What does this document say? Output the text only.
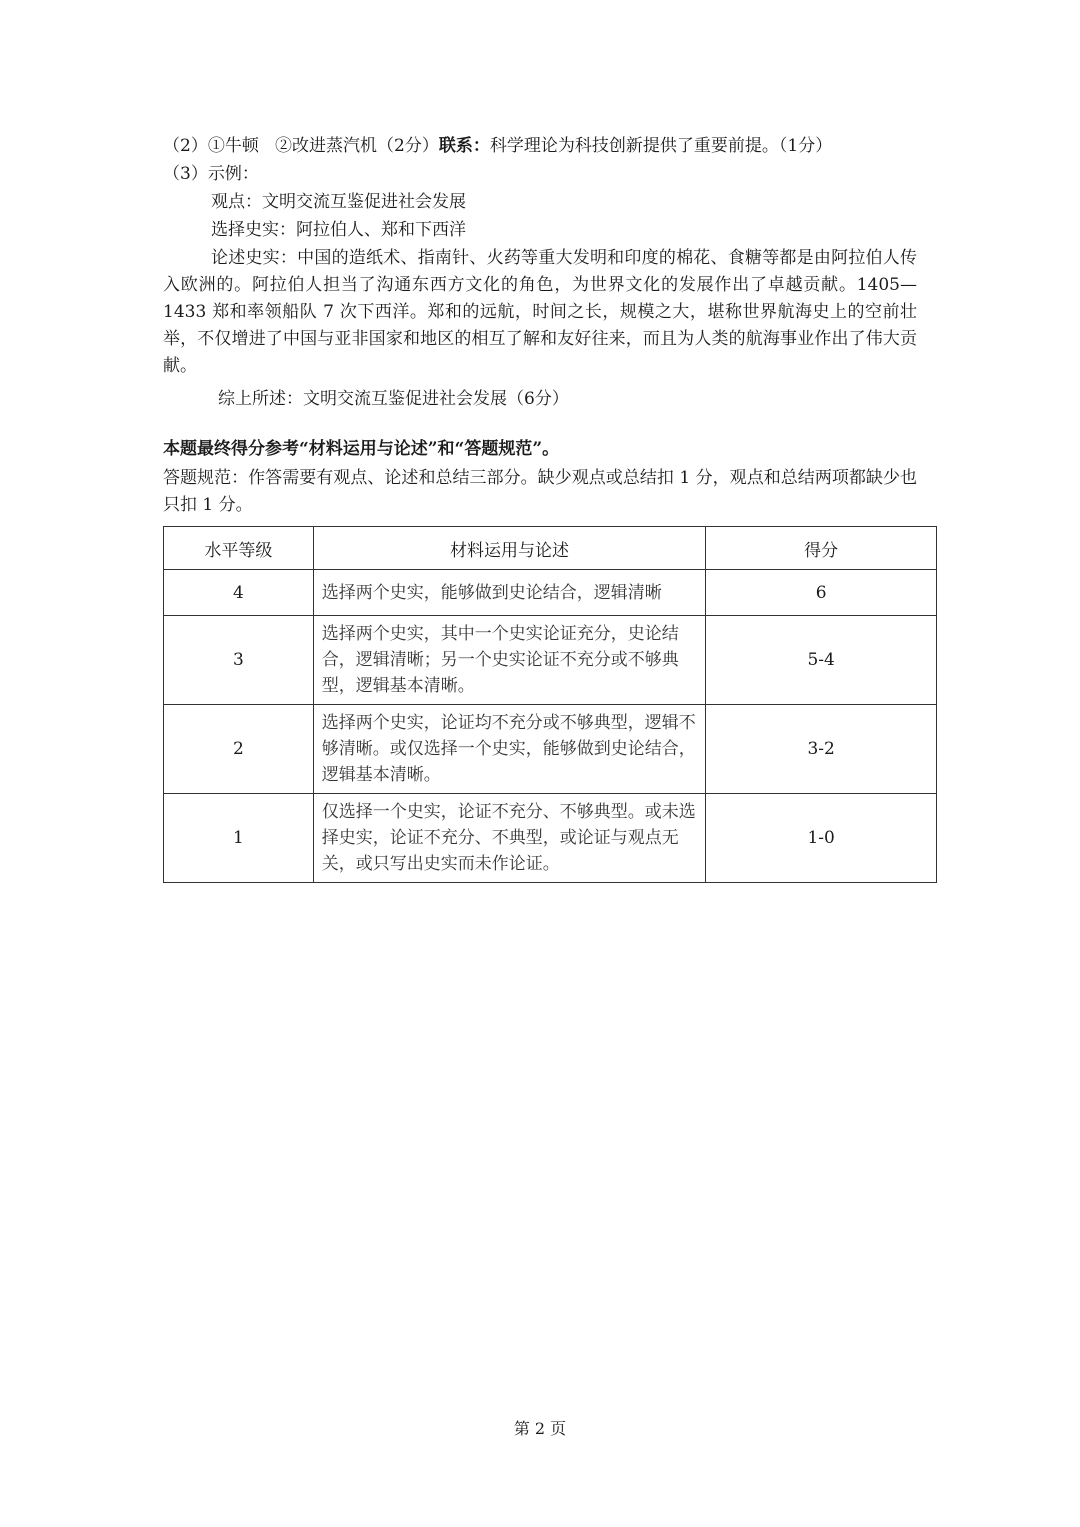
（2）①牛顿 ②改进蒸汽机（2分）联系：科学理论为科技创新提供了重要前提。（1分）
（3）示例：
观点：文明交流互鉴促进社会发展
选择史实：阿拉伯人、郑和下西洋
论述史实：中国的造纸术、指南针、火药等重大发明和印度的棉花、食糖等都是由阿拉伯人传入欧洲的。阿拉伯人担当了沟通东西方文化的角色，为世界文化的发展作出了卓越贡献。1405—1433 郑和率领船队 7 次下西洋。郑和的远航，时间之长，规模之大，堪称世界航海史上的空前壮举，不仅增进了中国与亚非国家和地区的相互了解和友好往来，而且为人类的航海事业作出了伟大贡献。
综上所述：文明交流互鉴促进社会发展（6分）
本题最终得分参考“材料运用与论述”和“答题规范”。
答题规范：作答需要有观点、论述和总结三部分。缺少观点或总结扣 1 分，观点和总结两项都缺少也只扣 1 分。
水平等级	材料运用与论述	得分
4	选择两个史实，能够做到史论结合，逻辑清晰	6
3	选择两个史实，其中一个史实论证充分，史论结合，逻辑清晰；另一个史实论证不充分或不够典型，逻辑基本清晰。	5-4
2	选择两个史实，论证均不充分或不够典型，逻辑不够清晰。或仅选择一个史实，能够做到史论结合，逻辑基本清晰。	3-2
1	仅选择一个史实，论证不充分、不够典型。或未选择史实，论证不充分、不典型，或论证与观点无关，或只写出史实而未作论证。	1-0
第 2 页
